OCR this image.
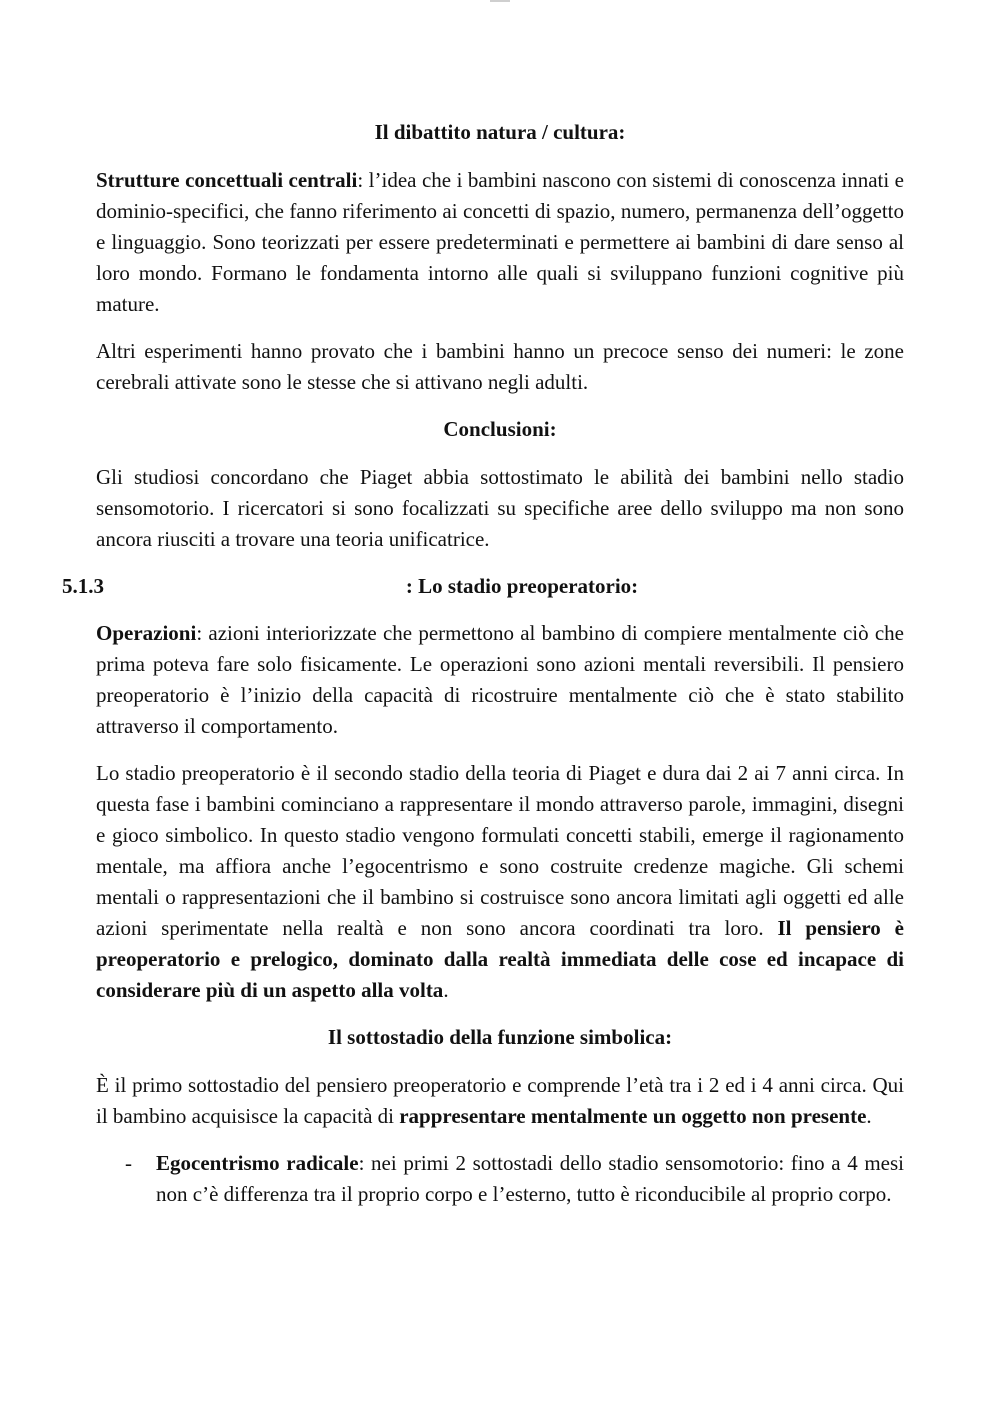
Il dibattito natura / cultura:

Strutture concettuali centrali: l’idea che i bambini nascono con sistemi di conoscenza innati e dominio-specifici, che fanno riferimento ai concetti di spazio, numero, permanenza dell’oggetto e linguaggio. Sono teorizzati per essere predeterminati e permettere ai bambini di dare senso al loro mondo. Formano le fondamenta intorno alle quali si sviluppano funzioni cognitive più mature.

Altri esperimenti hanno provato che i bambini hanno un precoce senso dei numeri: le zone cerebrali attivate sono le stesse che si attivano negli adulti.

Conclusioni:

Gli studiosi concordano che Piaget abbia sottostimato le abilità dei bambini nello stadio sensomotorio. I ricercatori si sono focalizzati su specifiche aree dello sviluppo ma non sono ancora riusciti a trovare una teoria unificatrice.

5.1.3	: Lo stadio preoperatorio:

Operazioni: azioni interiorizzate che permettono al bambino di compiere mentalmente ciò che prima poteva fare solo fisicamente. Le operazioni sono azioni mentali reversibili. Il pensiero preoperatorio è l’inizio della capacità di ricostruire mentalmente ciò che è stato stabilito attraverso il comportamento.

Lo stadio preoperatorio è il secondo stadio della teoria di Piaget e dura dai 2 ai 7 anni circa. In questa fase i bambini cominciano a rappresentare il mondo attraverso parole, immagini, disegni e gioco simbolico. In questo stadio vengono formulati concetti stabili, emerge il ragionamento mentale, ma affiora anche l’egocentrismo e sono costruite credenze magiche. Gli schemi mentali o rappresentazioni che il bambino si costruisce sono ancora limitati agli oggetti ed alle azioni sperimentate nella realtà e non sono ancora coordinati tra loro. Il pensiero è preoperatorio e prelogico, dominato dalla realtà immediata delle cose ed incapace di considerare più di un aspetto alla volta.

Il sottostadio della funzione simbolica:

È il primo sottostadio del pensiero preoperatorio e comprende l’età tra i 2 ed i 4 anni circa. Qui il bambino acquisisce la capacità di rappresentare mentalmente un oggetto non presente.

- Egocentrismo radicale: nei primi 2 sottostadi dello stadio sensomotorio: fino a 4 mesi non c’è differenza tra il proprio corpo e l’esterno, tutto è riconducibile al proprio corpo.
